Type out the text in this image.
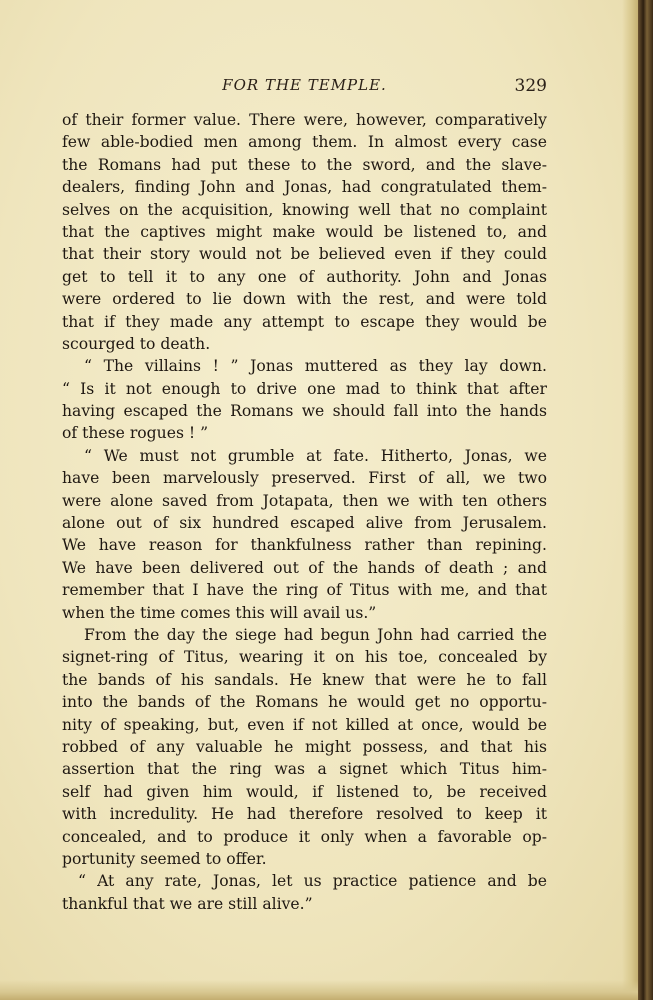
FOR THE TEMPLE.	329
of their former value. There were, however, comparatively
few able-bodied men among them. In almost every case
the Romans had put these to the sword, and the slave-
dealers, finding John and Jonas, had congratulated them-
selves on the acquisition, knowing well that no complaint
that the captives might make would be listened to, and
that their story would not be believed even if they could
get to tell it to any one of authority. John and Jonas
were ordered to lie down with the rest, and were told
that if they made any attempt to escape they would be
scourged to death.
“ The villains ! ” Jonas muttered as they lay down.
“ Is it not enough to drive one mad to think that after
having escaped the Romans we should fall into the hands
of these rogues ! ”
“ We must not grumble at fate. Hitherto, Jonas, we
have been marvelously preserved. First of all, we two
were alone saved from Jotapata, then we with ten others
alone out of six hundred escaped alive from Jerusalem.
We have reason for thankfulness rather than repining.
We have been delivered out of the hands of death ; and
remember that I have the ring of Titus with me, and that
when the time comes this will avail us.”
From the day the siege had begun John had carried the
signet-ring of Titus, wearing it on his toe, concealed by
the bands of his sandals. He knew that were he to fall
into the bands of the Romans he would get no opportu-
nity of speaking, but, even if not killed at once, would be
robbed of any valuable he might possess, and that his
assertion that the ring was a signet which Titus him-
self had given him would, if listened to, be received
with incredulity. He had therefore resolved to keep it
concealed, and to produce it only when a favorable op-
portunity seemed to offer.
“ At any rate, Jonas, let us practice patience and be
thankful that we are still alive.”
